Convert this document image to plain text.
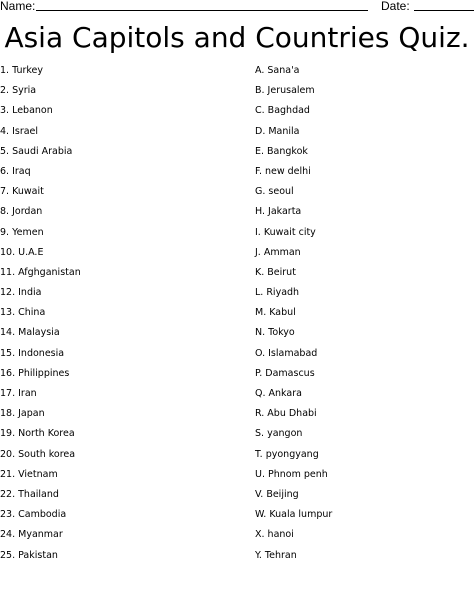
Name:	Date:
Asia Capitols and Countries Quiz.
1. Turkey
2. Syria
3. Lebanon
4. Israel
5. Saudi Arabia
6. Iraq
7. Kuwait
8. Jordan
9. Yemen
10. U.A.E
11. Afghganistan
12. India
13. China
14. Malaysia
15. Indonesia
16. Philippines
17. Iran
18. Japan
19. North Korea
20. South korea
21. Vietnam
22. Thailand
23. Cambodia
24. Myanmar
25. Pakistan
A. Sana'a
B. Jerusalem
C. Baghdad
D. Manila
E. Bangkok
F. new delhi
G. seoul
H. Jakarta
I. Kuwait city
J. Amman
K. Beirut
L. Riyadh
M. Kabul
N. Tokyo
O. Islamabad
P. Damascus
Q. Ankara
R. Abu Dhabi
S. yangon
T. pyongyang
U. Phnom penh
V. Beijing
W. Kuala lumpur
X. hanoi
Y. Tehran
